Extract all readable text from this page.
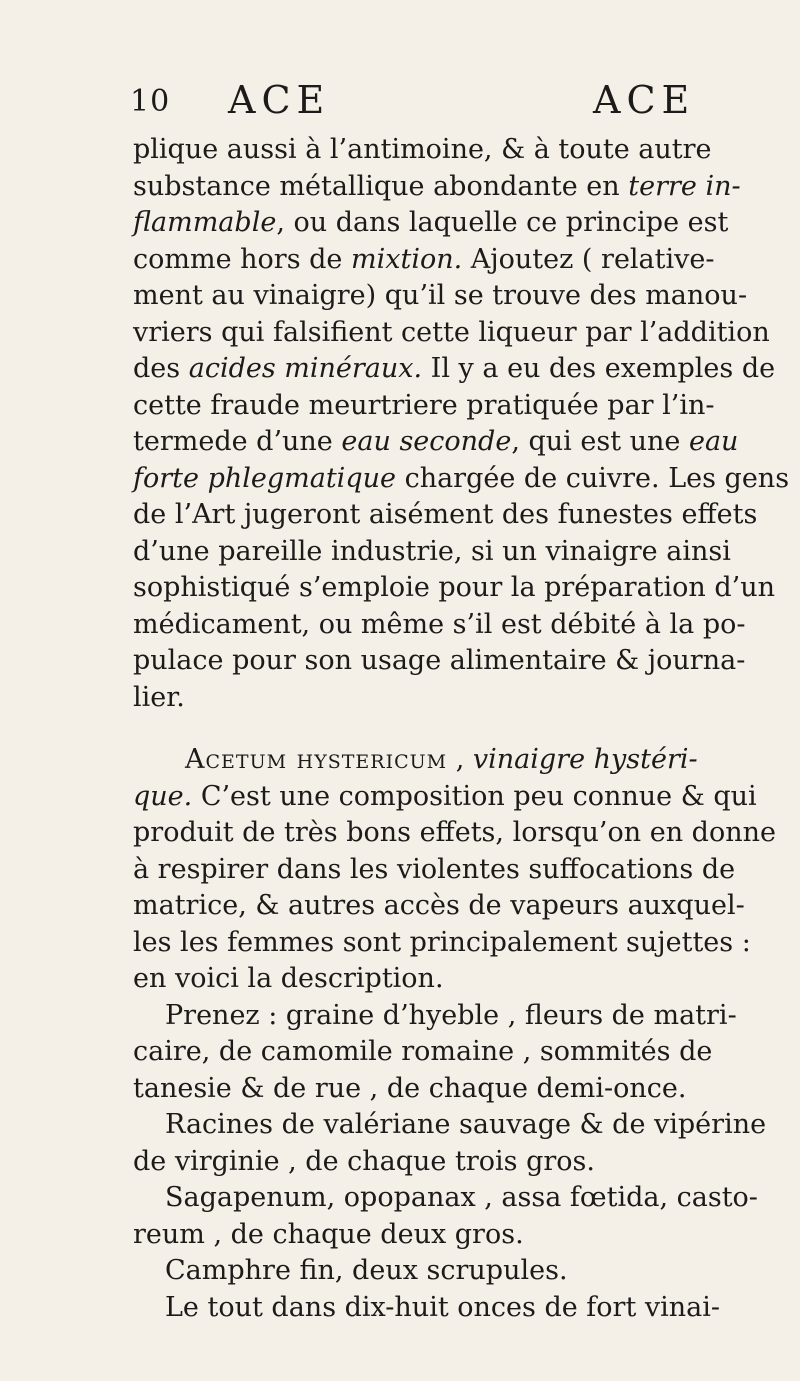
10 ACE	ACE
plique aussi à l’antimoine, & à toute autre
substance métallique abondante en terre in-
flammable, ou dans laquelle ce principe est
comme hors de mixtion. Ajoutez ( relative-
ment au vinaigre) qu’il se trouve des manou-
vriers qui falsifient cette liqueur par l’addition
des acides minéraux. Il y a eu des exemples de
cette fraude meurtriere pratiquée par l’in-
termede d’une eau seconde, qui est une eau
forte phlegmatique chargée de cuivre. Les gens
de l’Art jugeront aisément des funestes effets
d’une pareille industrie, si un vinaigre ainsi
sophistiqué s’emploie pour la préparation d’un
médicament, ou même s’il est débité à la po-
pulace pour son usage alimentaire & journa-
lier.
Acetum hystericum , vinaigre hystéri-
que. C’est une composition peu connue & qui
produit de très bons effets, lorsqu’on en donne
à respirer dans les violentes suffocations de
matrice, & autres accès de vapeurs auxquel-
les les femmes sont principalement sujettes :
en voici la description.
Prenez : graine d’hyeble , fleurs de matri-
caire, de camomile romaine , sommités de
tanesie & de rue , de chaque demi-once.
Racines de valériane sauvage & de vipérine
de virginie , de chaque trois gros.
Sagapenum, opopanax , assa fœtida, casto-
reum , de chaque deux gros.
Camphre fin, deux scrupules.
Le tout dans dix-huit onces de fort vinai-
